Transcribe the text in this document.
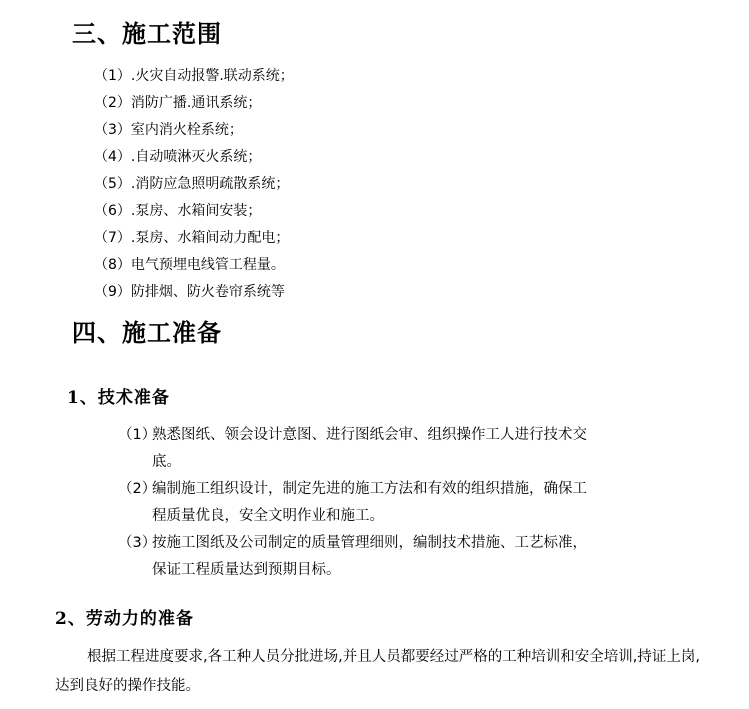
三、施工范围
（1）.火灾自动报警.联动系统；
（2）消防广播.通讯系统；
（3）室内消火栓系统；
（4）.自动喷淋灭火系统；
（5）.消防应急照明疏散系统；
（6）.泵房、水箱间安装；
（7）.泵房、水箱间动力配电；
（8）电气预埋电线管工程量。
（9）防排烟、防火卷帘系统等
四、施工准备
1、技术准备
（1）
熟悉图纸、领会设计意图、进行图纸会审、组织操作工人进行技术交底。
（2）
编制施工组织设计，制定先进的施工方法和有效的组织措施，确保工程质量优良，安全文明作业和施工。
（3）
按施工图纸及公司制定的质量管理细则，编制技术措施、工艺标准，保证工程质量达到预期目标。
2、劳动力的准备

根据工程进度要求,各工种人员分批进场,并且人员都要经过严格的工种培训和安全培训,持证上岗,达到良好的操作技能。
